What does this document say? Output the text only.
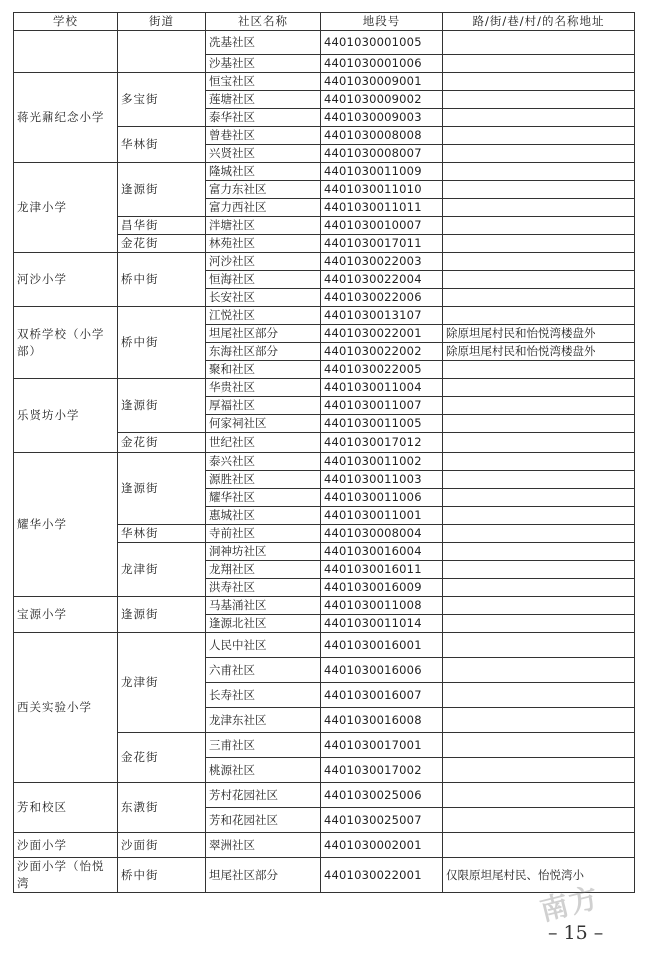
学校	街道	社区名称	地段号	路/街/巷/村/的名称地址
		冼基社区	4401030001005	
		沙基社区	4401030001006	
蒋光鼐纪念小学	多宝街	恒宝社区	4401030009001	
		莲塘社区	4401030009002	
		泰华社区	4401030009003	
	华林街	曾巷社区	4401030008008	
		兴贤社区	4401030008007	
龙津小学	逢源街	隆城社区	4401030011009	
		富力东社区	4401030011010	
		富力西社区	4401030011011	
	昌华街	泮塘社区	4401030010007	
	金花街	林苑社区	4401030017011	
河沙小学	桥中街	河沙社区	4401030022003	
		恒海社区	4401030022004	
		长安社区	4401030022006	
双桥学校（小学部）	桥中街	江悦社区	4401030013107	
		坦尾社区部分	4401030022001	除原坦尾村民和怡悦湾楼盘外
		东海社区部分	4401030022002	除原坦尾村民和怡悦湾楼盘外
		聚和社区	4401030022005	
乐贤坊小学	逢源街	华贵社区	4401030011004	
		厚福社区	4401030011007	
		何家祠社区	4401030011005	
	金花街	世纪社区	4401030017012	
耀华小学	逢源街	泰兴社区	4401030011002	
		源胜社区	4401030011003	
		耀华社区	4401030011006	
		惠城社区	4401030011001	
	华林街	寺前社区	4401030008004	
	龙津街	洞神坊社区	4401030016004	
		龙翔社区	4401030016011	
		洪寿社区	4401030016009	
宝源小学	逢源街	马基涌社区	4401030011008	
		逢源北社区	4401030011014	
西关实验小学	龙津街	人民中社区	4401030016001	
		六甫社区	4401030016006	
		长寿社区	4401030016007	
		龙津东社区	4401030016008	
	金花街	三甫社区	4401030017001	
		桃源社区	4401030017002	
芳和校区	东漖街	芳村花园社区	4401030025006	
		芳和花园社区	4401030025007	
沙面小学	沙面街	翠洲社区	4401030002001	
沙面小学（怡悦湾	桥中街	坦尾社区部分	4401030022001	仅限原坦尾村民、怡悦湾小
南方
– 15 –
